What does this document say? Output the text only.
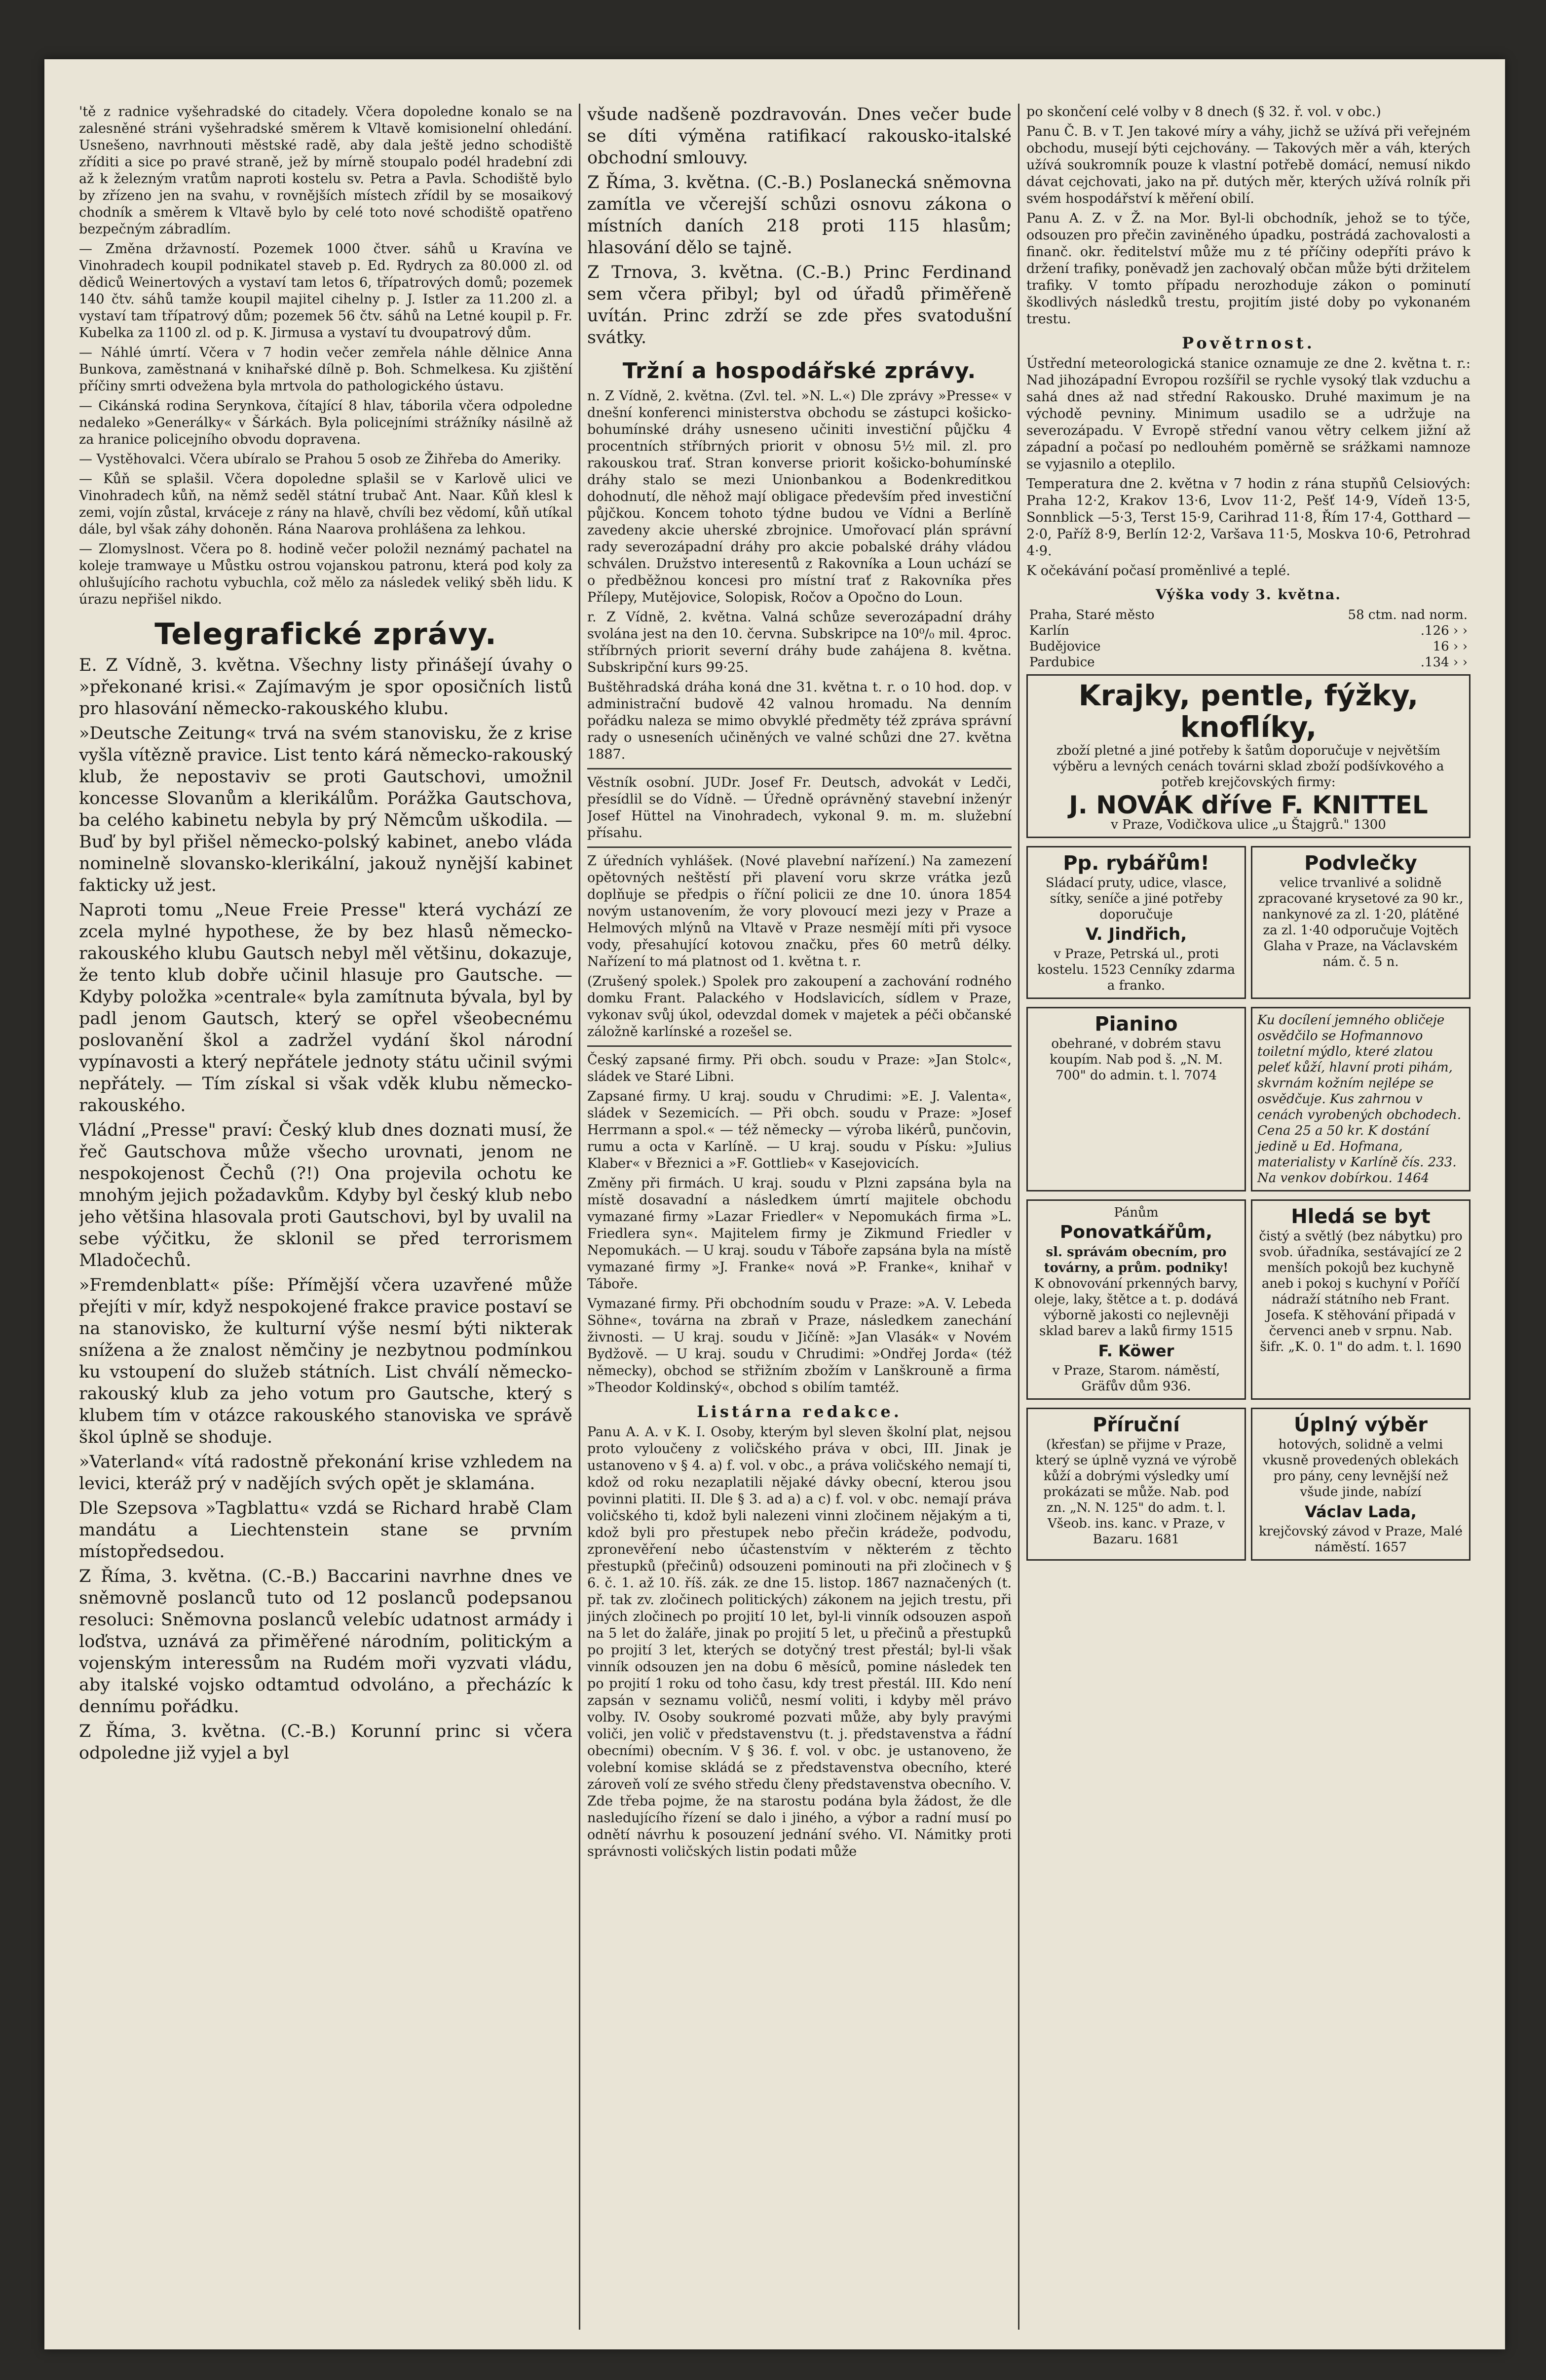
'tě z radnice vyšehradské do citadely. Včera dopoledne konalo se na zalesněné stráni vyšehradské směrem k Vltavě komisionelní ohledání. Usnešeno, navrhnouti městské radě, aby dala ještě jedno schodiště zříditi a sice po pravé straně, jež by mírně stoupalo podél hradební zdi až k železným vratům naproti kostelu sv. Petra a Pavla. Schodiště bylo by zřízeno jen na svahu, v rovnějších místech zřídil by se mosaikový chodník a směrem k Vltavě bylo by celé toto nové schodiště opatřeno bezpečným zábradlím.

— Změna državností. Pozemek 1000 čtver. sáhů u Kravína ve Vinohradech koupil podnikatel staveb p. Ed. Rydrych za 80.000 zl. od dědiců Weinertových a vystaví tam letos 6, třípatrových domů; pozemek 140 čtv. sáhů tamže koupil majitel cihelny p. J. Istler za 11.200 zl. a vystaví tam třípatrový dům; pozemek 56 čtv. sáhů na Letné koupil p. Fr. Kubelka za 1100 zl. od p. K. Jirmusa a vystaví tu dvoupatrový dům.

— Náhlé úmrtí. Včera v 7 hodin večer zemřela náhle dělnice Anna Bunkova, zaměstnaná v knihařské dílně p. Boh. Schmelkesa. Ku zjištění příčiny smrti odvežena byla mrtvola do pathologického ústavu.

— Cikánská rodina Serynkova, čítající 8 hlav, táborila včera odpoledne nedaleko »Generálky« v Šárkách. Byla policejními strážníky násilně až za hranice policejního obvodu dopravena.

— Vystěhovalci. Včera ubíralo se Prahou 5 osob ze Žihřeba do Ameriky.

— Kůň se splašil. Včera dopoledne splašil se v Karlově ulici ve Vinohradech kůň, na němž seděl státní trubač Ant. Naar. Kůň klesl k zemi, vojín zůstal, krváceje z rány na hlavě, chvíli bez vědomí, kůň utíkal dále, byl však záhy dohoněn. Rána Naarova prohlášena za lehkou.

— Zlomyslnost. Včera po 8. hodině večer položil neznámý pachatel na koleje tramwaye u Můstku ostrou vojanskou patronu, která pod koly za ohlušujícího rachotu vybuchla, což mělo za následek veliký sběh lidu. K úrazu nepřišel nikdo.

Telegrafické zprávy.

E. Z Vídně, 3. května. Všechny listy přinášejí úvahy o »překonané krisi.« Zajímavým je spor oposičních listů pro hlasování německo-rakouského klubu.

»Deutsche Zeitung« trvá na svém stanovisku, že z krise vyšla vítězně pravice. List tento kárá německo-rakouský klub, že nepostaviv se proti Gautschovi, umožnil koncesse Slovanům a klerikálům. Porážka Gautschova, ba celého kabinetu nebyla by prý Němcům uškodila. — Buď by byl přišel německo-polský kabinet, anebo vláda nominelně slovansko-klerikální, jakouž nynější kabinet fakticky už jest.

Naproti tomu „Neue Freie Presse" která vychází ze zcela mylné hypothese, že by bez hlasů německo-rakouského klubu Gautsch nebyl měl většinu, dokazuje, že tento klub dobře učinil hlasuje pro Gautsche. — Kdyby položka »centrale« byla zamítnuta bývala, byl by padl jenom Gautsch, který se opřel všeobecnému poslovanění škol a zadržel vydání škol národní vypínavosti a který nepřátele jednoty státu učinil svými nepřátely. — Tím získal si však vděk klubu německo-rakouského.

Vládní „Presse" praví: Český klub dnes doznati musí, že řeč Gautschova může všecho urovnati, jenom ne nespokojenost Čechů (?!) Ona projevila ochotu ke mnohým jejich požadavkům. Kdyby byl český klub nebo jeho většina hlasovala proti Gautschovi, byl by uvalil na sebe výčitku, že sklonil se před terrorismem Mladočechů.

»Fremdenblatt« píše: Přímější včera uzavřené může přejíti v mír, když nespokojené frakce pravice postaví se na stanovisko, že kulturní výše nesmí býti nikterak snížena a že znalost němčiny je nezbytnou podmínkou ku vstoupení do služeb státních. List chválí německo-rakouský klub za jeho votum pro Gautsche, který s klubem tím v otázce rakouského stanoviska ve správě škol úplně se shoduje.

»Vaterland« vítá radostně překonání krise vzhledem na levici, kteráž prý v nadějích svých opět je sklamána.

Dle Szepsova »Tagblattu« vzdá se Richard hrabě Clam mandátu a Liechtenstein stane se prvním místopředsedou.

Z Říma, 3. května. (C.-B.) Baccarini navrhne dnes ve sněmovně poslanců tuto od 12 poslanců podepsanou resoluci: Sněmovna poslanců velebíc udatnost armády i loďstva, uznává za přiměřené národním, politickým a vojenským interessům na Rudém moři vyzvati vládu, aby italské vojsko odtamtud odvoláno, a přecházíc k dennímu pořádku.

Z Říma, 3. května. (C.-B.) Korunní princ si včera odpoledne již vyjel a byl

všude nadšeně pozdravován. Dnes večer bude se díti výměna ratifikací rakousko-italské obchodní smlouvy.

Z Říma, 3. května. (C.-B.) Poslanecká sněmovna zamítla ve včerejší schůzi osnovu zákona o místních daních 218 proti 115 hlasům; hlasování dělo se tajně.

Z Trnova, 3. května. (C.-B.) Princ Ferdinand sem včera přibyl; byl od úřadů přiměřeně uvítán. Princ zdrží se zde přes svatodušní svátky.

Tržní a hospodářské zprávy.

n. Z Vídně, 2. května. (Zvl. tel. »N. L.«) Dle zprávy »Presse« v dnešní konferenci ministerstva obchodu se zástupci košicko-bohumínské dráhy usneseno učiniti investiční půjčku 4 procentních stříbrných priorit v obnosu 5½ mil. zl. pro rakouskou trať. Stran konverse priorit košicko-bohumínské dráhy stalo se mezi Unionbankou a Bodenkreditkou dohodnutí, dle něhož mají obligace především před investiční půjčkou. Koncem tohoto týdne budou ve Vídni a Berlíně zavedeny akcie uherské zbrojnice. Umořovací plán správní rady severozápadní dráhy pro akcie pobalské dráhy vládou schválen. Družstvo interesentů z Rakovníka a Loun uchází se o předběžnou koncesi pro místní trať z Rakovníka přes Přílepy, Mutějovice, Solopisk, Ročov a Opočno do Loun.

r. Z Vídně, 2. května. Valná schůze severozápadní dráhy svolána jest na den 10. června. Subskripce na 10⁰/₀ mil. 4proc. stříbrných priorit severní dráhy bude zahájena 8. května. Subskripční kurs 99·25.

Buštěhradská dráha koná dne 31. května t. r. o 10 hod. dop. v administrační budově 42 valnou hromadu. Na denním pořádku naleza se mimo obvyklé předměty též zpráva správní rady o usneseních učiněných ve valné schůzi dne 27. května 1887.

Věstník osobní. JUDr. Josef Fr. Deutsch, advokát v Ledči, přesídlil se do Vídně. — Úředně oprávněný stavební inženýr Josef Hüttel na Vinohradech, vykonal 9. m. m. služební přísahu.

Z úředních vyhlášek. (Nové plavební nařízení.) Na zamezení opětovných neštěstí při plavení voru skrze vrátka jezů doplňuje se předpis o říční policii ze dne 10. února 1854 novým ustanovením, že vory plovoucí mezi jezy v Praze a Helmových mlýnů na Vltavě v Praze nesmějí míti při vysoce vody, přesahující kotovou značku, přes 60 metrů délky. Nařízení to má platnost od 1. května t. r.

(Zrušený spolek.) Spolek pro zakoupení a zachování rodného domku Frant. Palackého v Hodslavicích, sídlem v Praze, vykonav svůj úkol, odevzdal domek v majetek a péči občanské záložně karlínské a rozešel se.

Český zapsané firmy. Při obch. soudu v Praze: »Jan Stolc«, sládek ve Staré Libni.

Zapsané firmy. U kraj. soudu v Chrudimi: »E. J. Valenta«, sládek v Sezemicích. — Při obch. soudu v Praze: »Josef Herrmann a spol.« — též německy — výroba likérů, punčovin, rumu a octa v Karlíně. — U kraj. soudu v Písku: »Julius Klaber« v Březnici a »F. Gottlieb« v Kasejovicích.

Změny při firmách. U kraj. soudu v Plzni zapsána byla na místě dosavadní a následkem úmrtí majitele obchodu vymazané firmy »Lazar Friedler« v Nepomukách firma »L. Friedlera syn«. Majitelem firmy je Zikmund Friedler v Nepomukách. — U kraj. soudu v Táboře zapsána byla na místě vymazané firmy »J. Franke« nová »P. Franke«, knihař v Táboře.

Vymazané firmy. Při obchodním soudu v Praze: »A. V. Lebeda Söhne«, továrna na zbraň v Praze, následkem zanechání živnosti. — U kraj. soudu v Jičíně: »Jan Vlasák« v Novém Bydžově. — U kraj. soudu v Chrudimi: »Ondřej Jorda« (též německy), obchod se střižním zbožím v Lanškrouně a firma »Theodor Koldinský«, obchod s obilím tamtéž.

Listárna redakce.

Panu A. A. v K. I. Osoby, kterým byl sleven školní plat, nejsou proto vyloučeny z voličského práva v obci, III. Jinak je ustanoveno v § 4. a) f. vol. v obc., a práva voličského nemají ti, kdož od roku nezaplatili nějaké dávky obecní, kterou jsou povinni platiti. II. Dle § 3. ad a) a c) f. vol. v obc. nemají práva voličského ti, kdož byli nalezeni vinni zločinem nějakým a ti, kdož byli pro přestupek nebo přečin krádeže, podvodu, zpronevěření nebo účastenstvím v některém z těchto přestupků (přečinů) odsouzeni pominouti na při zločinech v § 6. č. 1. až 10. říš. zák. ze dne 15. listop. 1867 naznačených (t. př. tak zv. zločinech politických) zákonem na jejich trestu, při jiných zločinech po projití 10 let, byl-li vinník odsouzen aspoň na 5 let do žaláře, jinak po projití 5 let, u přečinů a přestupků po projití 3 let, kterých se dotyčný trest přestál; byl-li však vinník odsouzen jen na dobu 6 měsíců, pomine následek ten po projití 1 roku od toho času, kdy trest přestál. III. Kdo není zapsán v seznamu voličů, nesmí voliti, i kdyby měl právo volby. IV. Osoby soukromé pozvati může, aby byly pravými voliči, jen volič v představenstvu (t. j. představenstva a řádní obecními) obecním. V § 36. f. vol. v obc. je ustanoveno, že volební komise skládá se z představenstva obecního, které zároveň volí ze svého středu členy představenstva obecního. V. Zde třeba pojme, že na starostu podána byla žádost, že dle nasledujícího řízení se dalo i jiného, a výbor a radní musí po odnětí návrhu k posouzení jednání svého. VI. Námitky proti správnosti voličských listin podati může

po skončení celé volby v 8 dnech (§ 32. ř. vol. v obc.)

Panu Č. B. v T. Jen takové míry a váhy, jichž se užívá při veřejném obchodu, musejí býti cejchovány. — Takových měr a váh, kterých užívá soukromník pouze k vlastní potřebě domácí, nemusí nikdo dávat cejchovati, jako na př. dutých měr, kterých užívá rolník při svém hospodářství k měření obilí.

Panu A. Z. v Ž. na Mor. Byl-li obchodník, jehož se to týče, odsouzen pro přečin zaviněného úpadku, postrádá zachovalosti a finanč. okr. ředitelství může mu z té příčiny odepříti právo k držení trafiky, poněvadž jen zachovalý občan může býti držitelem trafiky. V tomto případu nerozhoduje zákon o pominutí škodlivých následků trestu, projitím jisté doby po vykonaném trestu.

Povětrnost.

Ústřední meteorologická stanice oznamuje ze dne 2. května t. r.: Nad jihozápadní Evropou rozšířil se rychle vysoký tlak vzduchu a sahá dnes až nad střední Rakousko. Druhé maximum je na východě pevniny. Minimum usadilo se a udržuje na severozápadu. V Evropě střední vanou větry celkem jižní až západní a počasí po nedlouhém poměrně se srážkami namnoze se vyjasnilo a oteplilo.

Temperatura dne 2. května v 7 hodin z rána stupňů Celsiových: Praha 12·2, Krakov 13·6, Lvov 11·2, Pešť 14·9, Vídeň 13·5, Sonnblick —5·3, Terst 15·9, Carihrad 11·8, Řím 17·4, Gotthard —2·0, Paříž 8·9, Berlín 12·2, Varšava 11·5, Moskva 10·6, Petrohrad 4·9.

K očekávání počasí proměnlivé a teplé.

Výška vody 3. května.
Praha, Staré město	58 ctm. nad norm.
Karlín	.126 › ›
Budějovice	16 › ›
Pardubice	.134 › ›
Krajky, pentle, fýžky, knoflíky,
zboží pletné a jiné potřeby k šatům doporučuje v největším výběru a levných cenách továrni sklad zboží podšívkového a potřeb krejčovských firmy:
J. NOVÁK dříve F. KNITTEL
v Praze, Vodičkova ulice „u Štajgrů." 1300
Pp. rybářům!
Sládací pruty, udice, vlasce, sítky, seníče a jiné potřeby doporučuje
V. Jindřich,
v Praze, Petrská ul., proti kostelu. 1523 Cenníky zdarma a franko.
Podvlečky
velice trvanlivé a solidně zpracované krysetové za 90 kr., nankynové za zl. 1·20, plátěné za zl. 1·40 odporučuje Vojtěch Glaha v Praze, na Václavském nám. č. 5 n.
Pianino
obehrané, v dobrém stavu koupím. Nab pod š. „N. M. 700" do admin. t. l. 7074
Ku docílení jemného obličeje osvědčilo se Hofmannovo toiletní mýdlo, které zlatou peleť kůží, hlavní proti pihám, skvrnám kožním nejlépe se osvědčuje. Kus zahrnou v cenách vyrobených obchodech. Cena 25 a 50 kr. K dostání jedině u Ed. Hofmana, materialisty v Karlíně čís. 233. Na venkov dobírkou. 1464
Pánům
Ponovatkářům,
sl. správám obecním, pro továrny, a prům. podniky!
K obnovování prkenných barvy, oleje, laky, štětce a t. p. dodává výborně jakosti co nejlevněji sklad barev a laků firmy 1515
F. Köwer
v Praze, Starom. náměstí, Gräfův dům 936.
Hledá se byt
čistý a světlý (bez nábytku) pro svob. úřadníka, sestávající ze 2 menších pokojů bez kuchyně aneb i pokoj s kuchyní v Poříčí nádraží státního neb Frant. Josefa. K stěhování připadá v červenci aneb v srpnu. Nab. šifr. „K. 0. 1" do adm. t. l. 1690
Příruční
(křesťan) se přijme v Praze, který se úplně vyzná ve výrobě kůží a dobrými výsledky umí prokázati se může. Nab. pod zn. „N. N. 125" do adm. t. l. Všeob. ins. kanc. v Praze, v Bazaru. 1681
Úplný výběr
hotových, solidně a velmi vkusně provedených oblekách pro pány, ceny levnější než všude jinde, nabízí
Václav Lada,
krejčovský závod v Praze, Malé náměstí. 1657
